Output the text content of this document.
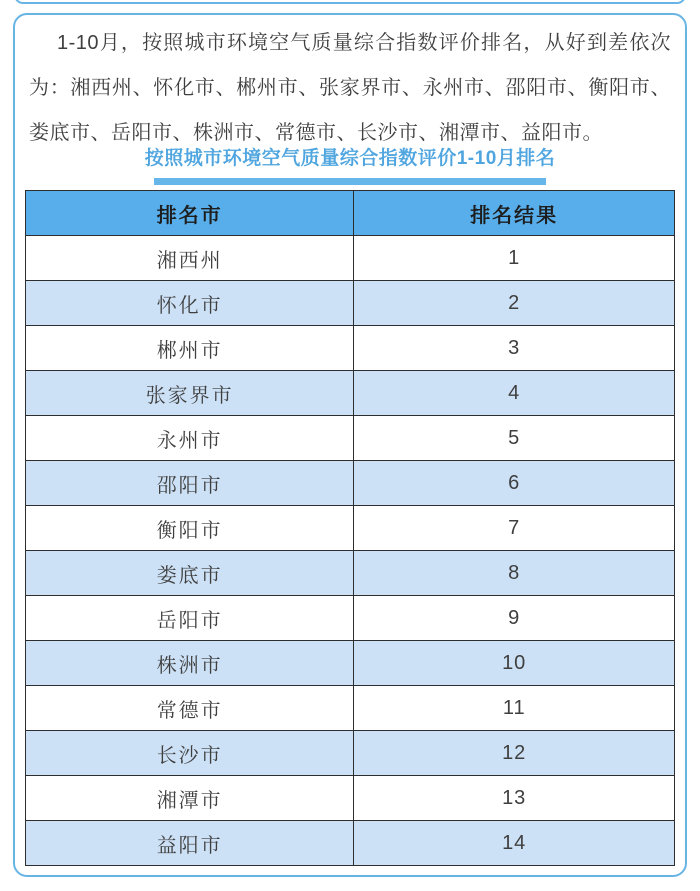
1-10月，按照城市环境空气质量综合指数评价排名，从好到差依次为：湘西州、怀化市、郴州市、张家界市、永州市、邵阳市、衡阳市、娄底市、岳阳市、株洲市、常德市、长沙市、湘潭市、益阳市。

按照城市环境空气质量综合指数评价1-10月排名
排名市	排名结果
湘西州	1
怀化市	2
郴州市	3
张家界市	4
永州市	5
邵阳市	6
衡阳市	7
娄底市	8
岳阳市	9
株洲市	10
常德市	11
长沙市	12
湘潭市	13
益阳市	14
